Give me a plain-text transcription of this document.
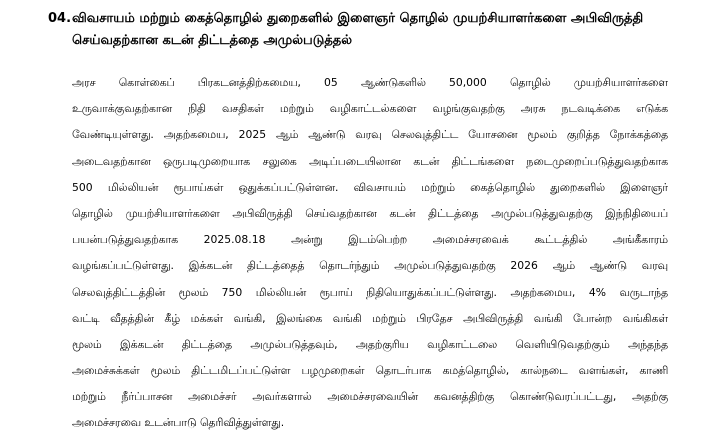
04.விவசாயம் மற்றும் கைத்தொழில் துறைகளில் இளைஞர் தொழில் முயற்சியாளர்களை அபிவிருத்தி
செய்வதற்கான கடன் திட்டத்தை அமுல்படுத்தல்
அரச கொள்கைப் பிரகடனத்திற்கமைய, 05 ஆண்டுகளில் 50,000 தொழில் முயற்சியாளர்களை
உருவாக்குவதற்கான நிதி வசதிகள் மற்றும் வழிகாட்டல்களை வழங்குவதற்கு அரசு நடவடிக்கை எடுக்க
வேண்டியுள்ளது. அதற்கமைய, 2025 ஆம் ஆண்டு வரவு செலவுத்திட்ட யோசனை மூலம் குறித்த நோக்கத்தை
அடைவதற்கான ஒருபடிமுறையாக சலுகை அடிப்படையிலான கடன் திட்டங்களை நடைமுறைப்படுத்துவதற்காக
500 மில்லியன் ரூபாய்கள் ஒதுக்கப்பட்டுள்ளன. விவசாயம் மற்றும் கைத்தொழில் துறைகளில் இளைஞர்
தொழில் முயற்சியாளர்களை அபிவிருத்தி செய்வதற்கான கடன் திட்டத்தை அமுல்படுத்துவதற்கு இந்நிதியைப்
பயன்படுத்துவதற்காக 2025.08.18 அன்று இடம்பெற்ற அமைச்சரவைக் கூட்டத்தில் அங்கீகாரம்
வழங்கப்பட்டுள்ளது. இக்கடன் திட்டத்தைத் தொடர்ந்தும் அமுல்படுத்துவதற்கு 2026 ஆம் ஆண்டு வரவு
செலவுத்திட்டத்தின் மூலம் 750 மில்லியன் ரூபாய் நிதியொதுக்கப்பட்டுள்ளது. அதற்கமைய, 4% வருடாந்த
வட்டி வீதத்தின் கீழ் மக்கள் வங்கி, இலங்கை வங்கி மற்றும் பிரதேச அபிவிருத்தி வங்கி போன்ற வங்கிகள்
மூலம் இக்கடன் திட்டத்தை அமுல்படுத்தவும், அதற்குரிய வழிகாட்டலை வெளியிடுவதற்கும் அந்தந்த
அமைச்சுக்கள் மூலம் திட்டமிடப்பட்டுள்ள பழமுறைகள் தொடர்பாக கமத்தொழில், கால்நடை வளங்கள், காணி
மற்றும் நீர்ப்பாசன அமைச்சர் அவர்களால் அமைச்சரவையின் கவனத்திற்கு கொண்டுவரப்பட்டது, அதற்கு
அமைச்சரவை உடன்பாடு தெரிவித்துள்ளது.
